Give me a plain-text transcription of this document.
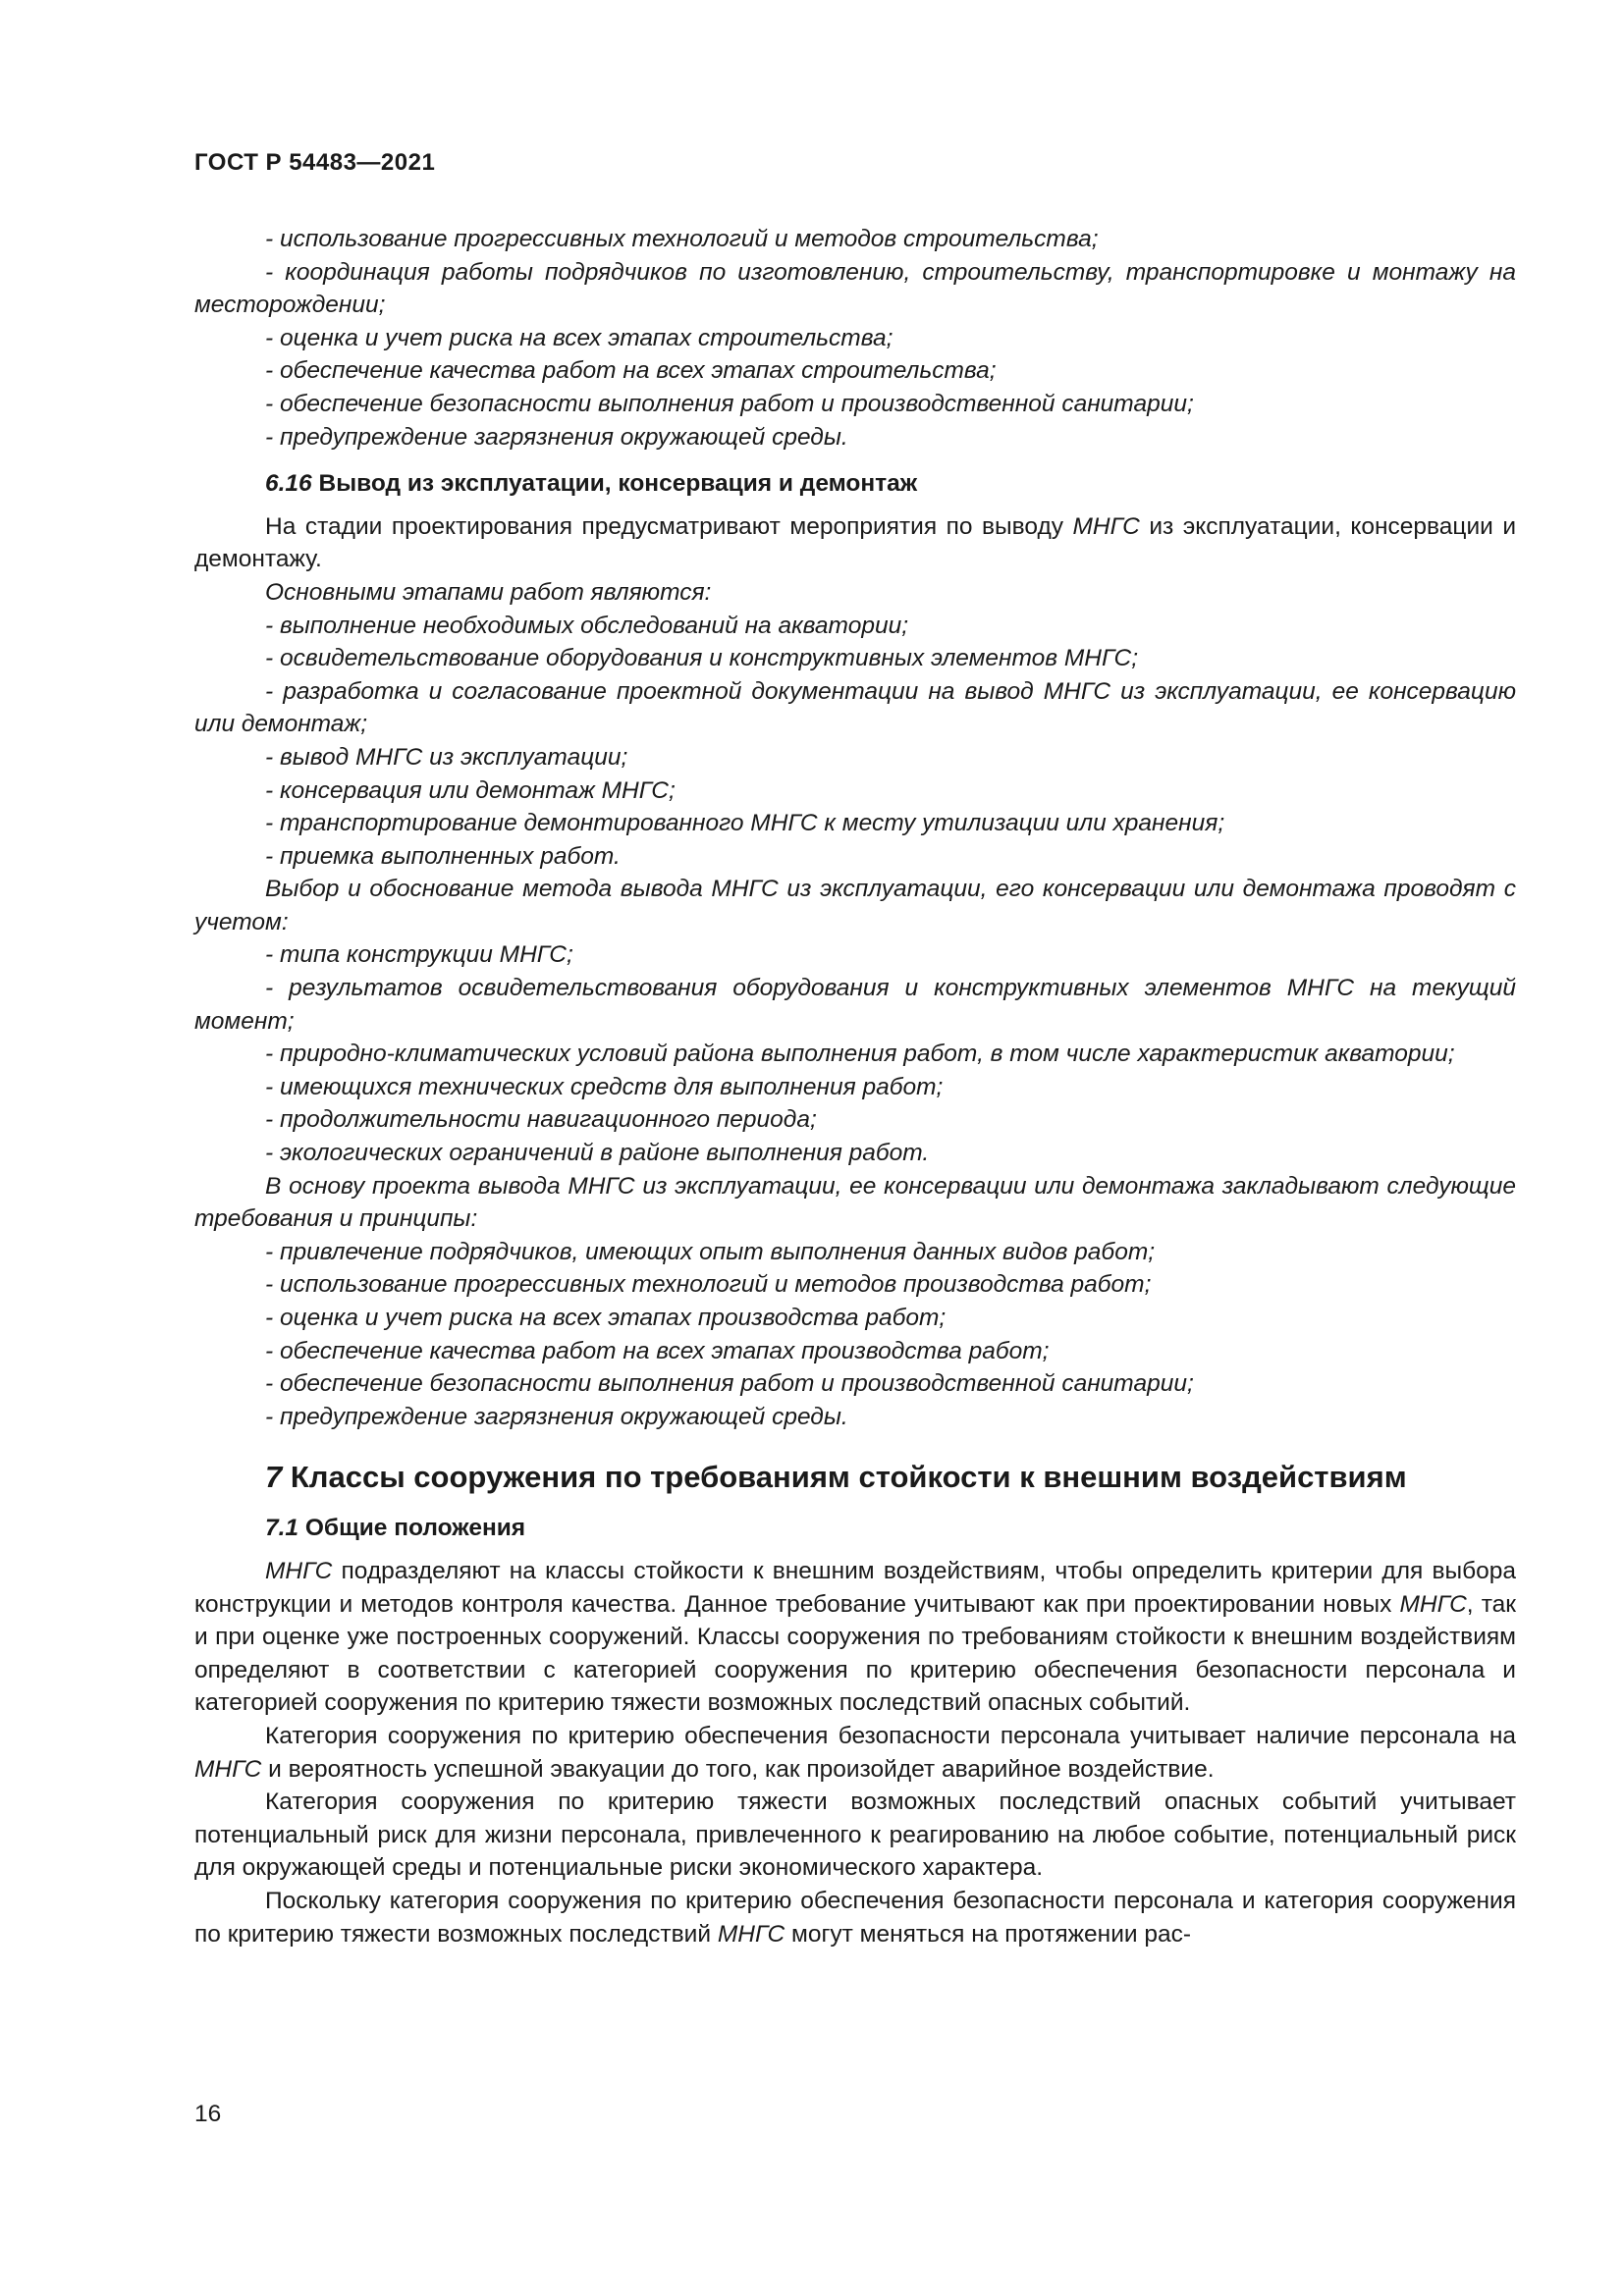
ГОСТ Р 54483—2021

- использование прогрессивных технологий и методов строительства;

- координация работы подрядчиков по изготовлению, строительству, транспортировке и монтажу на месторождении;

- оценка и учет риска на всех этапах строительства;

- обеспечение качества работ на всех этапах строительства;

- обеспечение безопасности выполнения работ и производственной санитарии;

- предупреждение загрязнения окружающей среды.

6.16 Вывод из эксплуатации, консервация и демонтаж

На стадии проектирования предусматривают мероприятия по выводу МНГС из эксплуатации, консервации и демонтажу.

Основными этапами работ являются:

- выполнение необходимых обследований на акватории;

- освидетельствование оборудования и конструктивных элементов МНГС;

- разработка и согласование проектной документации на вывод МНГС из эксплуатации, ее консервацию или демонтаж;

- вывод МНГС из эксплуатации;

- консервация или демонтаж МНГС;

- транспортирование демонтированного МНГС к месту утилизации или хранения;

- приемка выполненных работ.

Выбор и обоснование метода вывода МНГС из эксплуатации, его консервации или демонтажа проводят с учетом:

- типа конструкции МНГС;

- результатов освидетельствования оборудования и конструктивных элементов МНГС на текущий момент;

- природно-климатических условий района выполнения работ, в том числе характеристик акватории;

- имеющихся технических средств для выполнения работ;

- продолжительности навигационного периода;

- экологических ограничений в районе выполнения работ.

В основу проекта вывода МНГС из эксплуатации, ее консервации или демонтажа закладывают следующие требования и принципы:

- привлечение подрядчиков, имеющих опыт выполнения данных видов работ;

- использование прогрессивных технологий и методов производства работ;

- оценка и учет риска на всех этапах производства работ;

- обеспечение качества работ на всех этапах производства работ;

- обеспечение безопасности выполнения работ и производственной санитарии;

- предупреждение загрязнения окружающей среды.

7 Классы сооружения по требованиям стойкости к внешним воздействиям
7.1 Общие положения

МНГС подразделяют на классы стойкости к внешним воздействиям, чтобы определить критерии для выбора конструкции и методов контроля качества. Данное требование учитывают как при проектировании новых МНГС, так и при оценке уже построенных сооружений. Классы сооружения по требованиям стойкости к внешним воздействиям определяют в соответствии с категорией сооружения по критерию обеспечения безопасности персонала и категорией сооружения по критерию тяжести возможных последствий опасных событий.

Категория сооружения по критерию обеспечения безопасности персонала учитывает наличие персонала на МНГС и вероятность успешной эвакуации до того, как произойдет аварийное воздействие.

Категория сооружения по критерию тяжести возможных последствий опасных событий учитывает потенциальный риск для жизни персонала, привлеченного к реагированию на любое событие, потенциальный риск для окружающей среды и потенциальные риски экономического характера.

Поскольку категория сооружения по критерию обеспечения безопасности персонала и категория сооружения по критерию тяжести возможных последствий МНГС могут меняться на протяжении рас-

16
